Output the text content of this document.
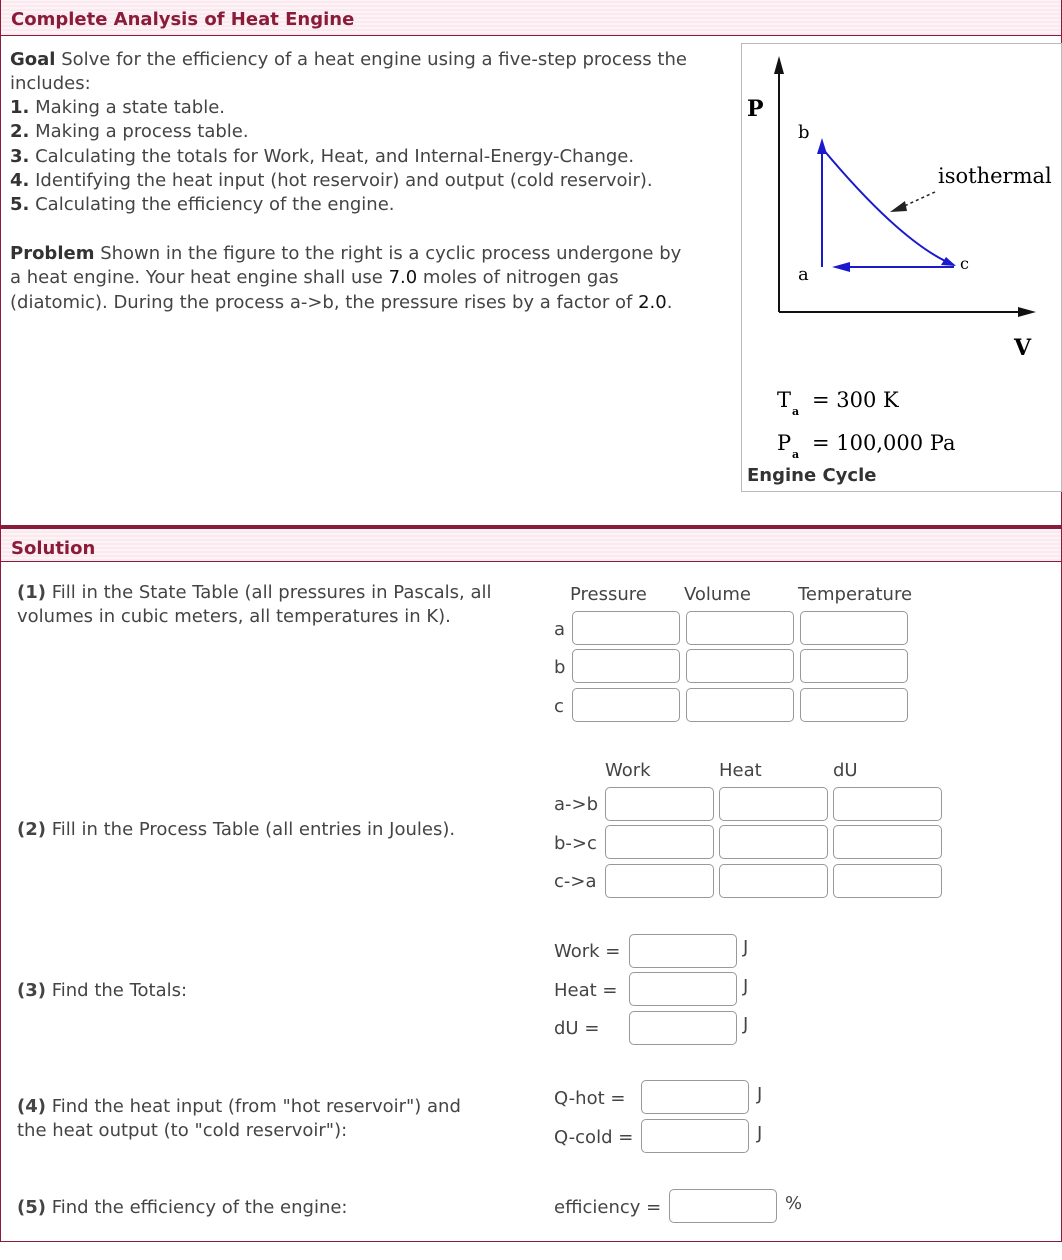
Complete Analysis of Heat Engine
Goal Solve for the efficiency of a heat engine using a five-step process the
includes:
1. Making a state table.
2. Making a process table.
3. Calculating the totals for Work, Heat, and Internal-Energy-Change.
4. Identifying the heat input (hot reservoir) and output (cold reservoir).
5. Calculating the efficiency of the engine.
Problem Shown in the figure to the right is a cyclic process undergone by
a heat engine. Your heat engine shall use 7.0 moles of nitrogen gas
(diatomic). During the process a->b, the pressure rises by a factor of 2.0.
P
V
b
a
c
isothermal
T a = 300 K
P a = 100,000 Pa
Engine Cycle
Solution
(1) Fill in the State Table (all pressures in Pascals, all
volumes in cubic meters, all temperatures in K).
Pressure Volume	Temperature
a
b
c
(2) Fill in the Process Table (all entries in Joules).
Work	Heat	dU
a->b
b->c
c->a
(3) Find the Totals:
Work =	J
Heat =	J
dU =	J
(4) Find the heat input (from "hot reservoir") and
the heat output (to "cold reservoir"):
Q-hot =	J
Q-cold =	J
(5) Find the efficiency of the engine:	efficiency =	%
